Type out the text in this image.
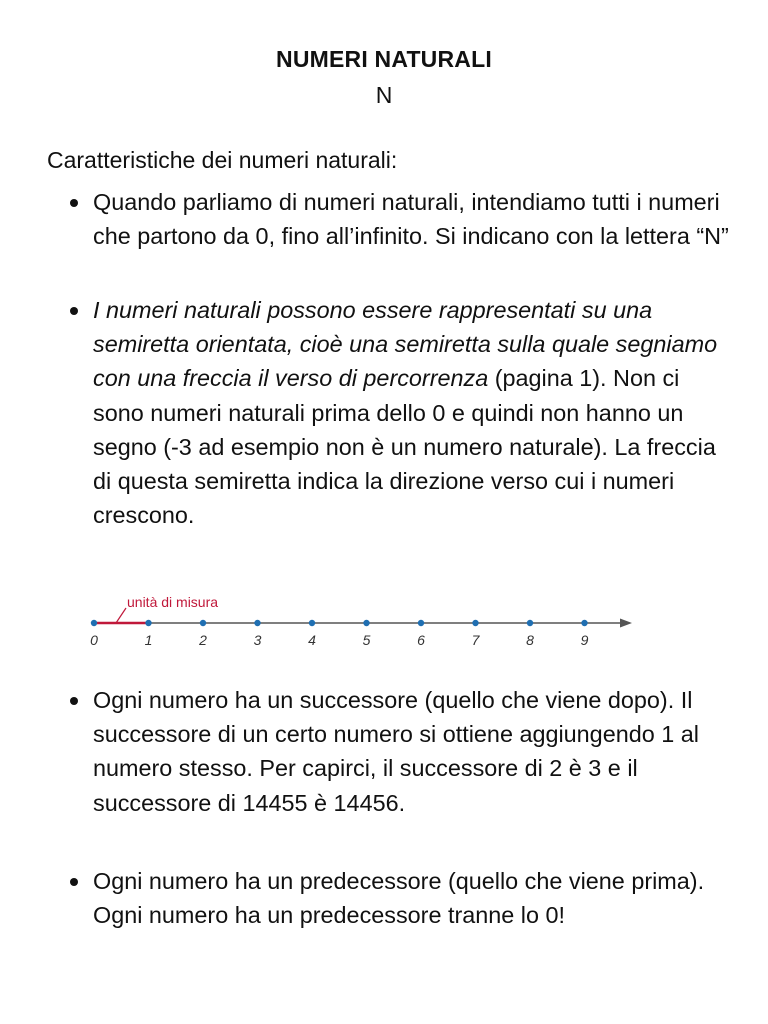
NUMERI NATURALI
N
Caratteristiche dei numeri naturali:
Quando parliamo di numeri naturali, intendiamo tutti i numeri che partono da 0, fino all’infinito. Si indicano con la lettera “N”
I numeri naturali possono essere rappresentati su una semiretta orientata, cioè una semiretta sulla quale segniamo con una freccia il verso di percorrenza (pagina 1). Non ci sono numeri naturali prima dello 0 e quindi non hanno un segno (-3 ad esempio non è un numero naturale). La freccia di questa semiretta indica la direzione verso cui i numeri crescono.
unità di misura
0	1	2	3	4	5	6	7	8	9
Ogni numero ha un successore (quello che viene dopo). Il successore di un certo numero si ottiene aggiungendo 1 al numero stesso. Per capirci, il successore di 2 è 3 e il successore di 14455 è 14456.
Ogni numero ha un predecessore (quello che viene prima). Ogni numero ha un predecessore tranne lo 0!
